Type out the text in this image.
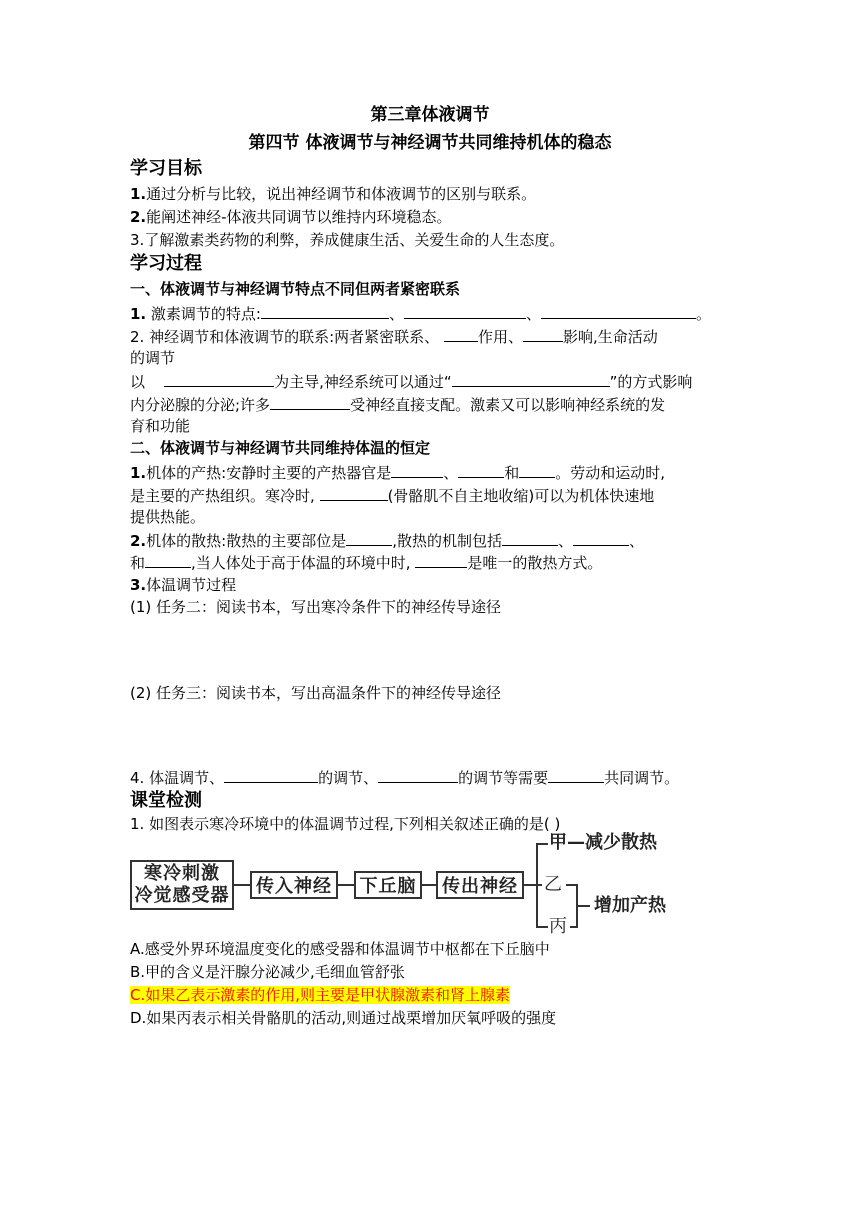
第三章体液调节
第四节 体液调节与神经调节共同维持机体的稳态
学习目标
1.通过分析与比较，说出神经调节和体液调节的区别与联系。
2.能阐述神经-体液共同调节以维持内环境稳态。
3.了解激素类药物的利弊，养成健康生活、关爱生命的人生态度。
学习过程
一、体液调节与神经调节特点不同但两者紧密联系
1. 激素调节的特点:	、	、	。
2. 神经调节和体液调节的联系:两者紧密联系、	作用、	影响,生命活动
的调节
以	为主导,神经系统可以通过“	”的方式影响
内分泌腺的分泌;许多	受神经直接支配。激素又可以影响神经系统的发
育和功能
二、体液调节与神经调节共同维持体温的恒定
1.机体的产热:安静时主要的产热器官是	、	和 。劳动和运动时,
是主要的产热组织。寒冷时,	(骨骼肌不自主地收缩)可以为机体快速地
提供热能。
2.机体的散热:散热的主要部位是	,散热的机制包括	、	、
和	,当人体处于高于体温的环境中时,	是唯一的散热方式。
3.体温调节过程
(1) 任务二：阅读书本，写出寒冷条件下的神经传导途径
(2) 任务三：阅读书本，写出高温条件下的神经传导途径
4. 体温调节、	的调节、	的调节等需要	共同调节。
课堂检测
1. 如图表示寒冷环境中的体温调节过程,下列相关叙述正确的是( )
寒冷刺激
冷觉感受器	传入神经	下丘脑	传出神经
甲—减少散热
乙
丙
增加产热
A.感受外界环境温度变化的感受器和体温调节中枢都在下丘脑中
B.甲的含义是汗腺分泌减少,毛细血管舒张
C.如果乙表示激素的作用,则主要是甲状腺激素和肾上腺素
D.如果丙表示相关骨骼肌的活动,则通过战栗增加厌氧呼吸的强度
